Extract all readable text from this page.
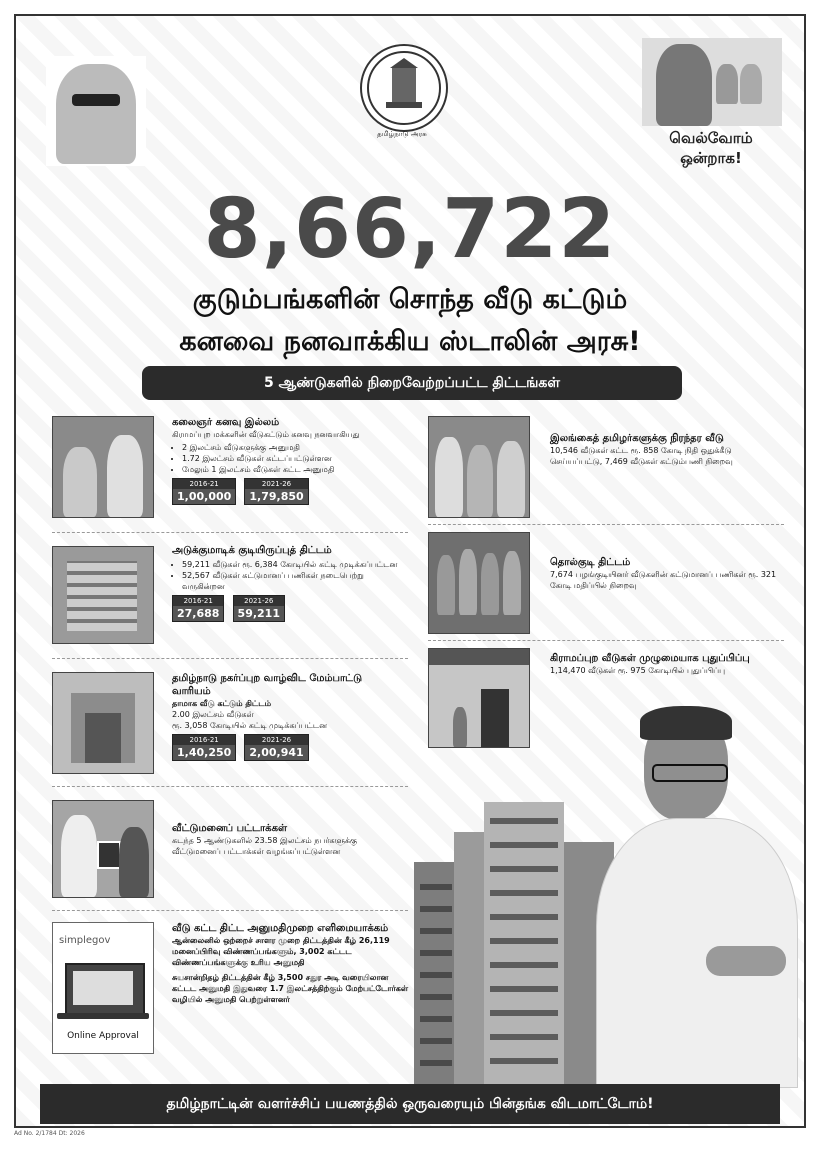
தமிழ்நாடு அரசு	வெல்வோம்
ஒன்றாக!
8,66,722
குடும்பங்களின் சொந்த வீடு கட்டும்
கனவை நனவாக்கிய ஸ்டாலின் அரசு!
5 ஆண்டுகளில் நிறைவேற்றப்பட்ட திட்டங்கள்
கலைஞர் கனவு இல்லம்
கிராமப்புற மக்களின் வீடுகட்டும் கனவு நனவாகியது
• 2 இலட்சம் வீடுகளுக்கு அனுமதி
• 1.72 இலட்சம் வீடுகள் கட்டப்பட்டுள்ளன
• மேலும் 1 இலட்சம் வீடுகள் கட்ட அனுமதி
2016-21
1,00,000

2021-26
1,79,850
அடுக்குமாடிக் குடியிருப்புத் திட்டம்
• 59,211 வீடுகள் ரூ. 6,384 கோடியில் கட்டி முடிக்கப்பட்டன
• 52,567 வீடுகள் கட்டுமானப் பணிகள் நடைபெற்று வருகின்றன
2016-21
27,688

2021-26
59,211
தமிழ்நாடு நகர்ப்புற வாழ்விட மேம்பாட்டு வாரியம்
தாமாக வீடு கட்டும் திட்டம்
2.00 இலட்சம் வீடுகள்
ரூ. 3,058 கோடியில் கட்டி முடிக்கப்பட்டன
2016-21
1,40,250

2021-26
2,00,941
வீட்டுமனைப் பட்டாக்கள்
கடந்த 5 ஆண்டுகளில் 23.58 இலட்சம் நபர்களுக்கு வீட்டுமனைப் பட்டாக்கள் வழங்கப்பட்டுள்ளன
simplegov
Online Approval
வீடு கட்ட திட்ட அனுமதிமுறை எளிமையாக்கம்
ஆன்லைனில் ஒற்றைச் சாளர முறை திட்டத்தின் கீழ் 26,119 மனைப்பிரிவு விண்ணப்பங்களும், 3,002 கட்டட விண்ணப்பங்களுக்கு உரிய அனுமதி
சுயசான்றிதழ் திட்டத்தின் கீழ் 3,500 சதுர அடி வரையிலான கட்டட அனுமதி இதுவரை 1.7 இலட்சத்திற்கும் மேற்பட்டோர்கள் வழியில் அனுமதி பெற்றுள்ளனர்
இலங்கைத் தமிழர்களுக்கு நிரந்தர வீடு
10,546 வீடுகள் கட்ட ரூ. 858 கோடி நிதி ஒதுக்கீடு செய்யப்பட்டு, 7,469 வீடுகள் கட்டும்பணி நிறைவு
தொல்குடி திட்டம்
7,674 பழங்குடியினர் வீடுகளின் கட்டுமானப் பணிகள் ரூ. 321 கோடி மதிப்பில் நிறைவு
கிராமப்புற வீடுகள் முழுமையாக புதுப்பிப்பு
1,14,470 வீடுகள் ரூ. 975 கோடியில் புதுப்பிப்பு
தமிழ்நாட்டின் வளர்ச்சிப் பயணத்தில் ஒருவரையும் பின்தங்க விடமாட்டோம்!
Ad No. 2/1784 Dt: 2026
